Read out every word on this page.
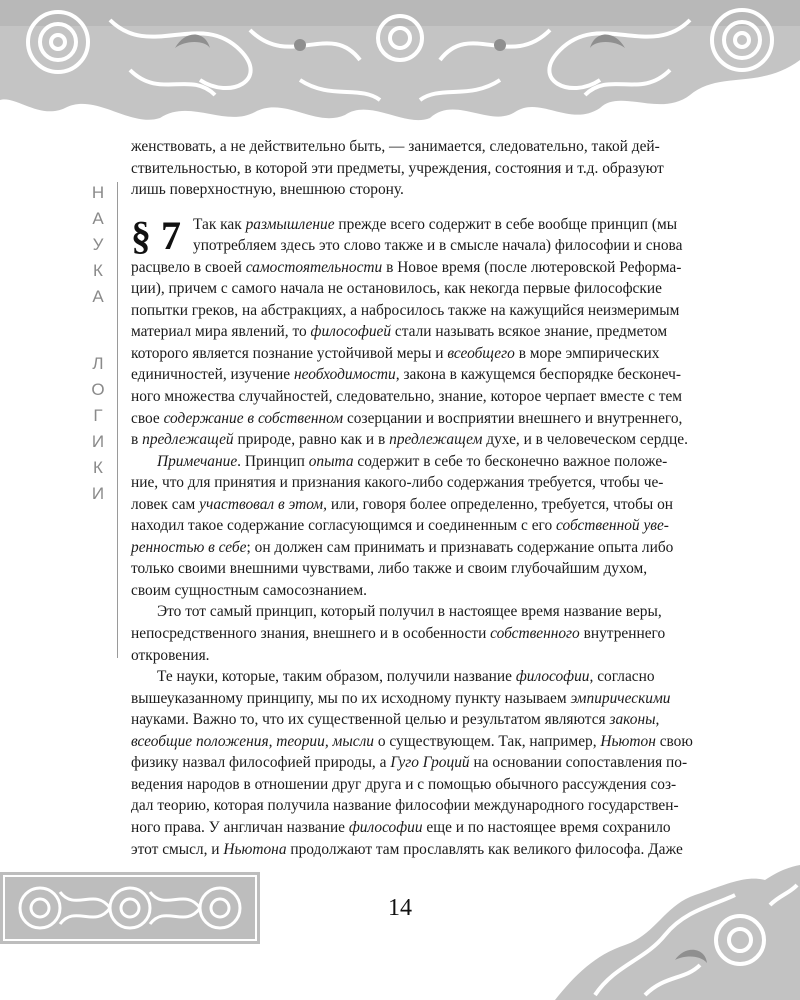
Н
А
У
К
А
Л
О
Г
И
К
И

женствовать, а не действительно быть, — занимается, следовательно, такой дей-
ствительностью, в которой эти предметы, учреждения, состояния и т.д. образуют
лишь поверхностную, внешнюю сторону.

§ 7 Так как размышление прежде всего содержит в себе вообще принцип (мы
употребляем здесь это слово также и в смысле начала) философии и снова
расцвело в своей самостоятельности в Новое время (после лютеровской Реформа-
ции), причем с самого начала не остановилось, как некогда первые философские
попытки греков, на абстракциях, а набросилось также на кажущийся неизмеримым
материал мира явлений, то философией стали называть всякое знание, предметом
которого является познание устойчивой меры и всеобщего в море эмпирических
единичностей, изучение необходимости, закона в кажущемся беспорядке бесконеч-
ного множества случайностей, следовательно, знание, которое черпает вместе с тем
свое содержание в собственном созерцании и восприятии внешнего и внутреннего,
в предлежащей природе, равно как и в предлежащем духе, и в человеческом сердце.

Примечание. Принцип опыта содержит в себе то бесконечно важное положе-
ние, что для принятия и признания какого-либо содержания требуется, чтобы че-
ловек сам участвовал в этом, или, говоря более определенно, требуется, чтобы он
находил такое содержание согласующимся и соединенным с его собственной уве-
ренностью в себе; он должен сам принимать и признавать содержание опыта либо
только своими внешними чувствами, либо также и своим глубочайшим духом,
своим сущностным самосознанием.

Это тот самый принцип, который получил в настоящее время название веры,
непосредственного знания, внешнего и в особенности собственного внутреннего
откровения.

Те науки, которые, таким образом, получили название философии, согласно
вышеуказанному принципу, мы по их исходному пункту называем эмпирическими
науками. Важно то, что их существенной целью и результатом являются законы,
всеобщие положения, теории, мысли о существующем. Так, например, Ньютон свою
физику назвал философией природы, а Гуго Гроций на основании сопоставления по-
ведения народов в отношении друг друга и с помощью обычного рассуждения соз-
дал теорию, которая получила название философии международного государствен-
ного права. У англичан название философии еще и по настоящее время сохранило
этот смысл, и Ньютона продолжают там прославлять как великого философа. Даже

14
